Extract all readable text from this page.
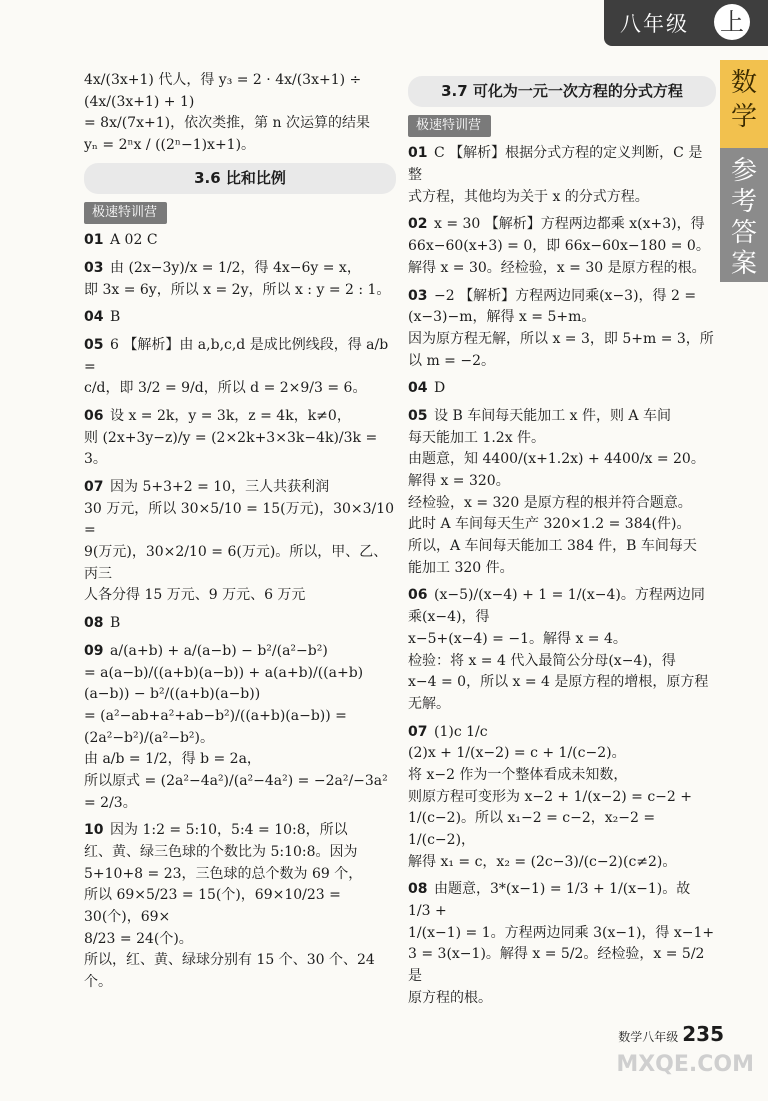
八年级 上
数学
参考答案
4x/(3x+1) 代人，得 y₃ = 2 · 4x/(3x+1) ÷ (4x/(3x+1) + 1)
= 8x/(7x+1)，依次类推，第 n 次运算的结果
yₙ = 2ⁿx / ((2ⁿ−1)x+1)。
3.6 比和比例
极速特训营
01 A 02 C
03 由 (2x−3y)/x = 1/2，得 4x−6y = x，
即 3x = 6y，所以 x = 2y，所以 x : y = 2 : 1。
04 B
05 6 【解析】由 a,b,c,d 是成比例线段，得 a/b =
c/d，即 3/2 = 9/d，所以 d = 2×9/3 = 6。
06 设 x = 2k，y = 3k，z = 4k，k≠0，
则 (2x+3y−z)/y = (2×2k+3×3k−4k)/3k = 3。
07 因为 5+3+2 = 10，三人共获利润
30 万元，所以 30×5/10 = 15(万元)，30×3/10 =
9(万元)，30×2/10 = 6(万元)。所以，甲、乙、丙三
人各分得 15 万元、9 万元、6 万元
08 B
09 a/(a+b) + a/(a−b) − b²/(a²−b²)
= a(a−b)/((a+b)(a−b)) + a(a+b)/((a+b)(a−b)) − b²/((a+b)(a−b))
= (a²−ab+a²+ab−b²)/((a+b)(a−b)) = (2a²−b²)/(a²−b²)。
由 a/b = 1/2，得 b = 2a，
所以原式 = (2a²−4a²)/(a²−4a²) = −2a²/−3a² = 2/3。
10 因为 1:2 = 5:10，5:4 = 10:8，所以
红、黄、绿三色球的个数比为 5:10:8。因为
5+10+8 = 23，三色球的总个数为 69 个，
所以 69×5/23 = 15(个)，69×10/23 = 30(个)，69×
8/23 = 24(个)。
所以，红、黄、绿球分别有 15 个、30 个、24 个。
3.7 可化为一元一次方程的分式方程
极速特训营
01 C 【解析】根据分式方程的定义判断，C 是整
式方程，其他均为关于 x 的分式方程。
02 x = 30 【解析】方程两边都乘 x(x+3)，得
66x−60(x+3) = 0，即 66x−60x−180 = 0。
解得 x = 30。经检验，x = 30 是原方程的根。
03 −2 【解析】方程两边同乘(x−3)，得 2 =
(x−3)−m，解得 x = 5+m。
因为原方程无解，所以 x = 3，即 5+m = 3，所
以 m = −2。
04 D
05 设 B 车间每天能加工 x 件，则 A 车间
每天能加工 1.2x 件。
由题意，知 4400/(x+1.2x) + 4400/x = 20。
解得 x = 320。
经检验，x = 320 是原方程的根并符合题意。
此时 A 车间每天生产 320×1.2 = 384(件)。
所以，A 车间每天能加工 384 件，B 车间每天
能加工 320 件。
06 (x−5)/(x−4) + 1 = 1/(x−4)。方程两边同乘(x−4)，得
x−5+(x−4) = −1。解得 x = 4。
检验：将 x = 4 代入最简公分母(x−4)，得
x−4 = 0，所以 x = 4 是原方程的增根，原方程
无解。
07 (1)c 1/c
(2)x + 1/(x−2) = c + 1/(c−2)。
将 x−2 作为一个整体看成未知数，
则原方程可变形为 x−2 + 1/(x−2) = c−2 +
1/(c−2)。所以 x₁−2 = c−2，x₂−2 = 1/(c−2)，
解得 x₁ = c，x₂ = (2c−3)/(c−2)(c≠2)。
08 由题意，3*(x−1) = 1/3 + 1/(x−1)。故 1/3 +
1/(x−1) = 1。方程两边同乘 3(x−1)，得 x−1+
3 = 3(x−1)。解得 x = 5/2。经检验，x = 5/2 是
原方程的根。
数学八年级 235
MXQE.COM
